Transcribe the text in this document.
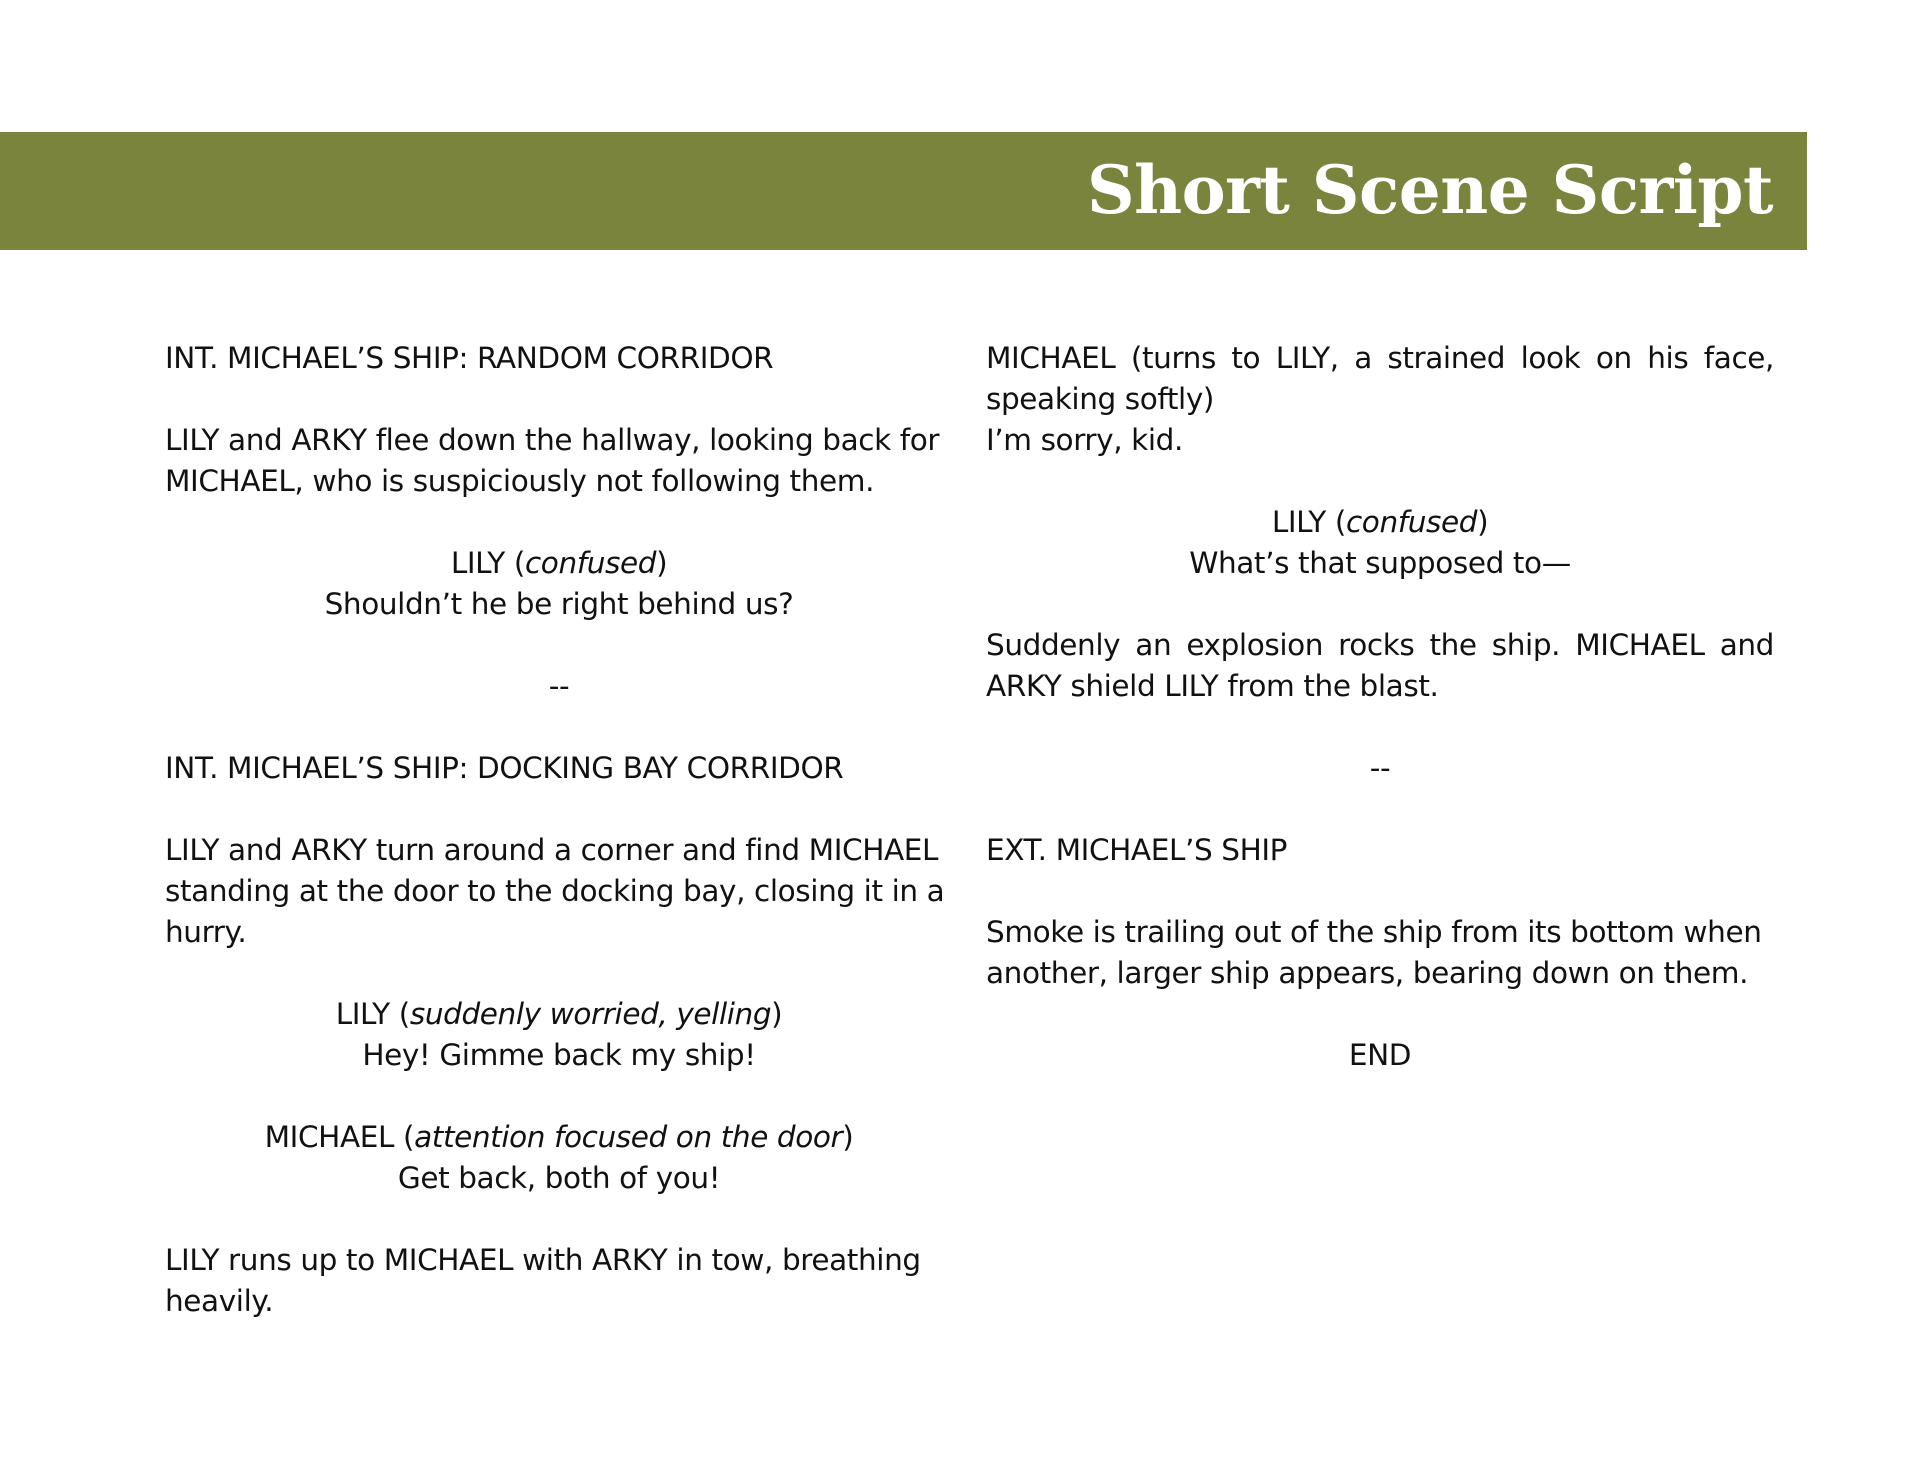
Short Scene Script
INT. MICHAEL’S SHIP: RANDOM CORRIDOR
LILY and ARKY flee down the hallway, looking back for MICHAEL, who is suspiciously not following them.
LILY (confused)
Shouldn’t he be right behind us?
--
INT. MICHAEL’S SHIP: DOCKING BAY CORRIDOR
LILY and ARKY turn around a corner and find MICHAEL standing at the door to the docking bay, closing it in a hurry.
LILY (suddenly worried, yelling)
Hey! Gimme back my ship!
MICHAEL (attention focused on the door)
Get back, both of you!
LILY runs up to MICHAEL with ARKY in tow, breathing heavily.
MICHAEL (turns to LILY, a strained look on his face, speaking softly)
I’m sorry, kid.
LILY (confused)
What’s that supposed to—
Suddenly an explosion rocks the ship. MICHAEL and ARKY shield LILY from the blast.
--
EXT. MICHAEL’S SHIP
Smoke is trailing out of the ship from its bottom when another, larger ship appears, bearing down on them.
END
